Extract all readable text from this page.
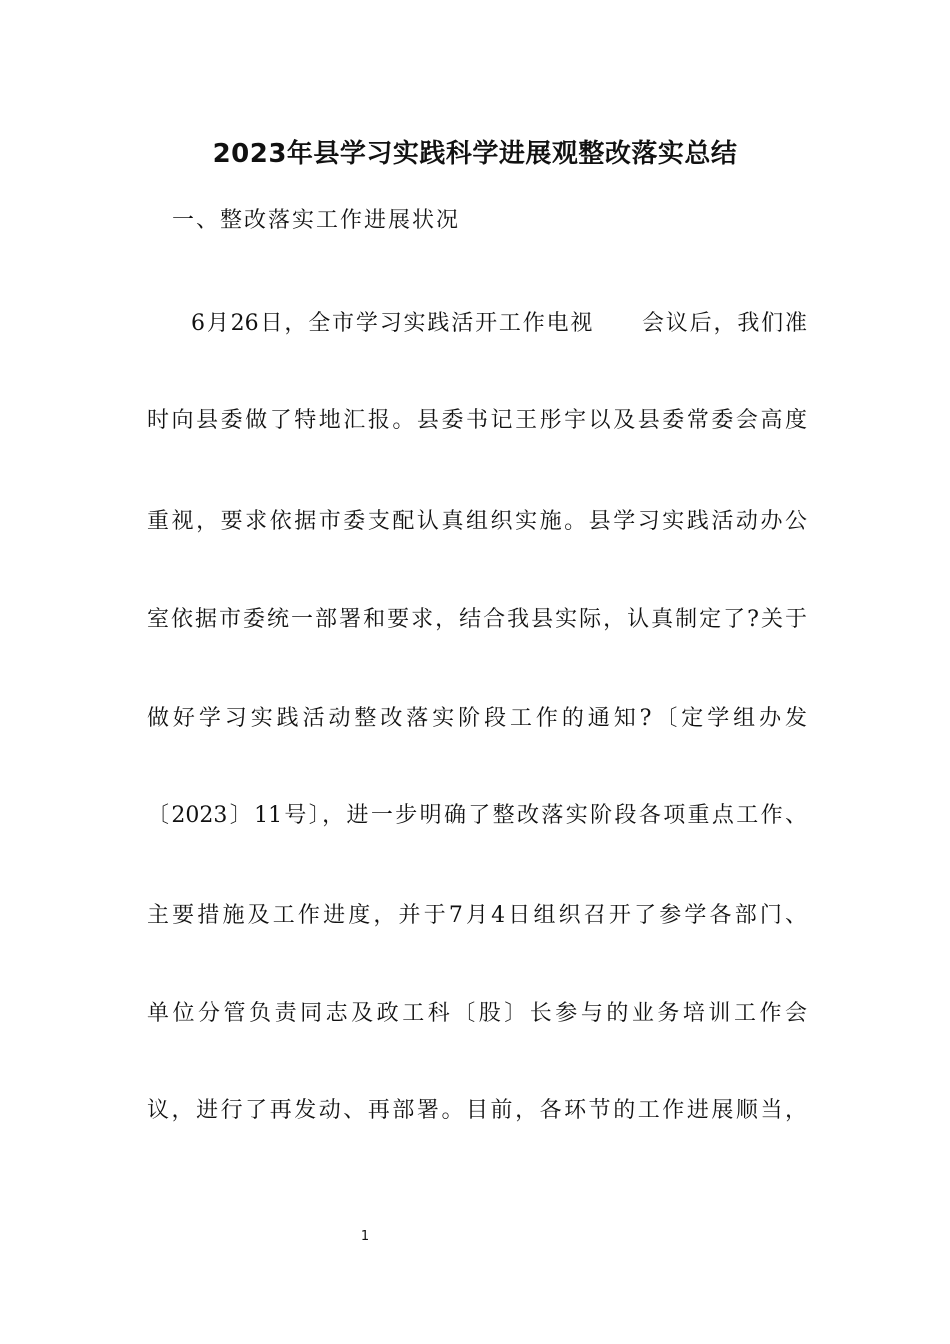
2023年县学习实践科学进展观整改落实总结
一、整改落实工作进展状况
6月26日，全市学习实践活开工作电视　　会议后，我们准
时向县委做了特地汇报。县委书记王彤宇以及县委常委会高度
重视，要求依据市委支配认真组织实施。县学习实践活动办公
室依据市委统一部署和要求，结合我县实际，认真制定了?关于
做好学习实践活动整改落实阶段工作的通知?〔定学组办发
〔2023〕11号〕，进一步明确了整改落实阶段各项重点工作、
主要措施及工作进度，并于7月4日组织召开了参学各部门、
单位分管负责同志及政工科〔股〕长参与的业务培训工作会
议，进行了再发动、再部署。目前，各环节的工作进展顺当，
1
